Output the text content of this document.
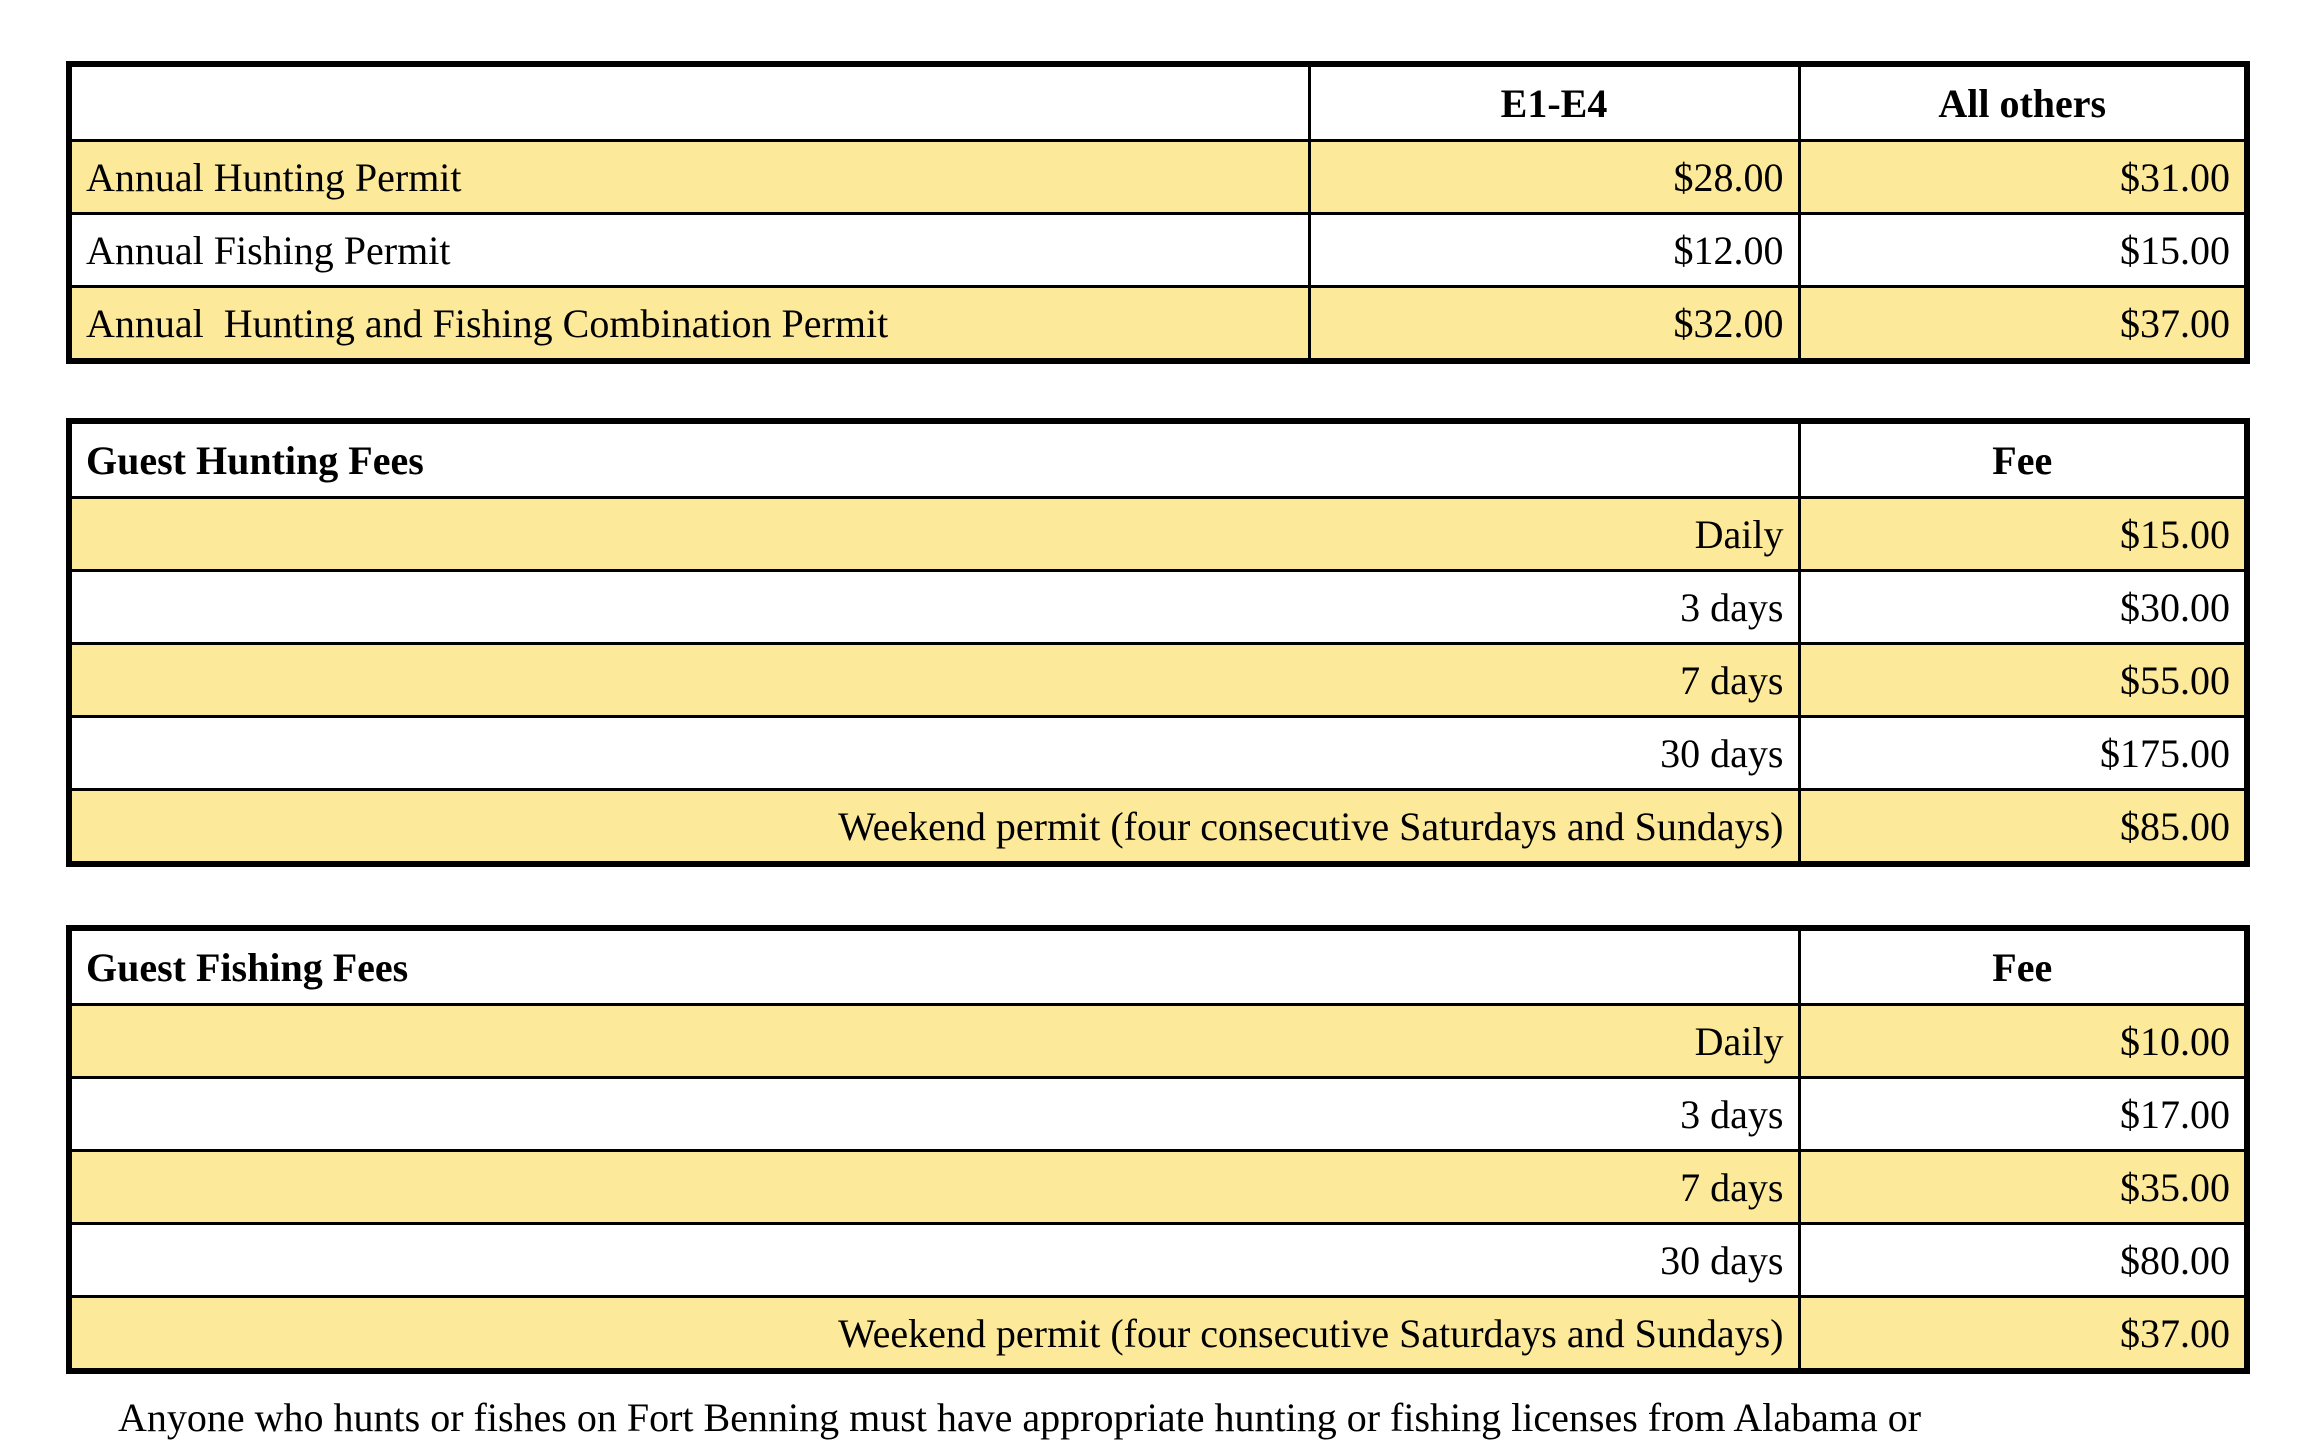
	E1-E4	All others
Annual Hunting Permit	$28.00	$31.00
Annual Fishing Permit	$12.00	$15.00
Annual  Hunting and Fishing Combination Permit	$32.00	$37.00
Guest Hunting Fees	Fee
Daily	$15.00
3 days	$30.00
7 days	$55.00
30 days	$175.00
Weekend permit (four consecutive Saturdays and Sundays)	$85.00
Guest Fishing Fees	Fee
Daily	$10.00
3 days	$17.00
7 days	$35.00
30 days	$80.00
Weekend permit (four consecutive Saturdays and Sundays)	$37.00
Anyone who hunts or fishes on Fort Benning must have appropriate hunting or fishing licenses from Alabama or
